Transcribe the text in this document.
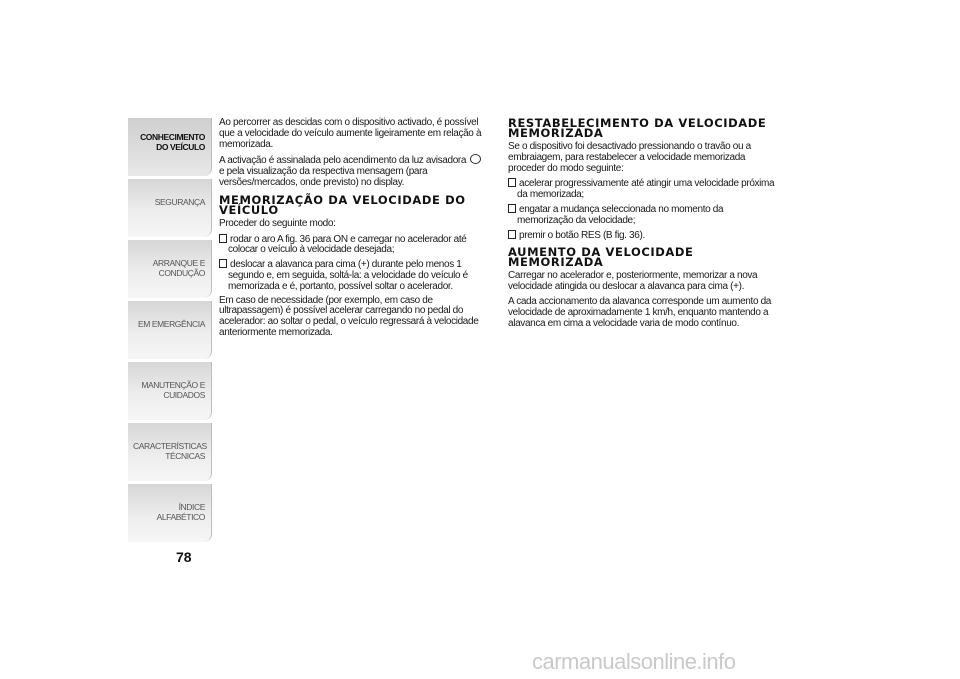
CONHECIMENTO
DO VEÍCULO
SEGURANÇA
ARRANQUE E
CONDUÇÃO
EM EMERGÊNCIA
MANUTENÇÃO E
CUIDADOS
CARACTERÍSTICAS
TÉCNICAS
ÍNDICE ALFABÉTICO
78

Ao percorrer as descidas com o dispositivo activado, é possível que a velocidade do veículo aumente ligeiramente em relação à memorizada.

A activação é assinalada pelo acendimento da luz avisadora  e pela visualização da respectiva mensagem (para versões/mercados, onde previsto) no display.

MEMORIZAÇÃO DA VELOCIDADE DO VEÍCULO

Proceder do seguinte modo:

rodar o aro A fig. 36 para ON e carregar no acelerador até colocar o veículo à velocidade desejada;

deslocar a alavanca para cima (+) durante pelo menos 1 segundo e, em seguida, soltá-la: a velocidade do veículo é memorizada e é, portanto, possível soltar o acelerador.

Em caso de necessidade (por exemplo, em caso de ultrapassagem) é possível acelerar carregando no pedal do acelerador: ao soltar o pedal, o veículo regressará à velocidade anteriormente memorizada.

RESTABELECIMENTO DA VELOCIDADE MEMORIZADA

Se o dispositivo foi desactivado pressionando o travão ou a embraiagem, para restabelecer a velocidade memorizada proceder do modo seguinte:

acelerar progressivamente até atingir uma velocidade próxima da memorizada;

engatar a mudança seleccionada no momento da memorização da velocidade;

premir o botão RES (B fig. 36).

AUMENTO DA VELOCIDADE MEMORIZADA

Carregar no acelerador e, posteriormente, memorizar a nova velocidade atingida ou deslocar a alavanca para cima (+).

A cada accionamento da alavanca corresponde um aumento da velocidade de aproximadamente 1 km/h, enquanto mantendo a alavanca em cima a velocidade varia de modo contínuo.

carmanualsonline.info
